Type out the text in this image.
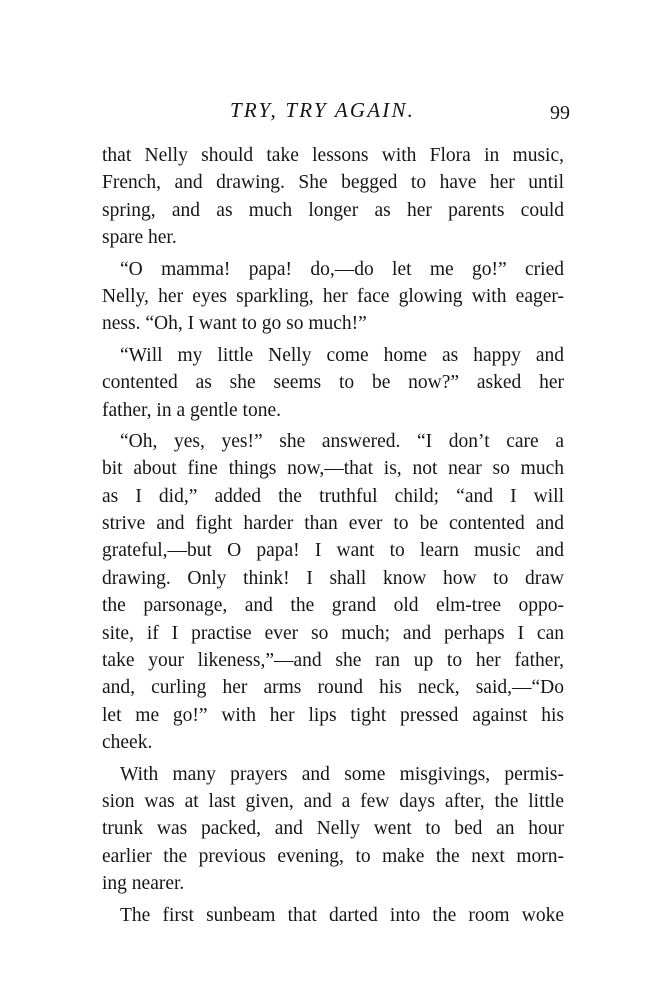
TRY, TRY AGAIN.	99
that Nelly should take lessons with Flora in music,
French, and drawing. She begged to have her until
spring, and as much longer as her parents could
spare her.
“O mamma! papa! do,—do let me go!” cried
Nelly, her eyes sparkling, her face glowing with eager-
ness. “Oh, I want to go so much!”
“Will my little Nelly come home as happy and
contented as she seems to be now?” asked her
father, in a gentle tone.
“Oh, yes, yes!” she answered. “I don’t care a
bit about fine things now,—that is, not near so much
as I did,” added the truthful child; “and I will
strive and fight harder than ever to be contented and
grateful,—but O papa! I want to learn music and
drawing. Only think! I shall know how to draw
the parsonage, and the grand old elm-tree oppo-
site, if I practise ever so much; and perhaps I can
take your likeness,”—and she ran up to her father,
and, curling her arms round his neck, said,—“Do
let me go!” with her lips tight pressed against his
cheek.
With many prayers and some misgivings, permis-
sion was at last given, and a few days after, the little
trunk was packed, and Nelly went to bed an hour
earlier the previous evening, to make the next morn-
ing nearer.
The first sunbeam that darted into the room woke
